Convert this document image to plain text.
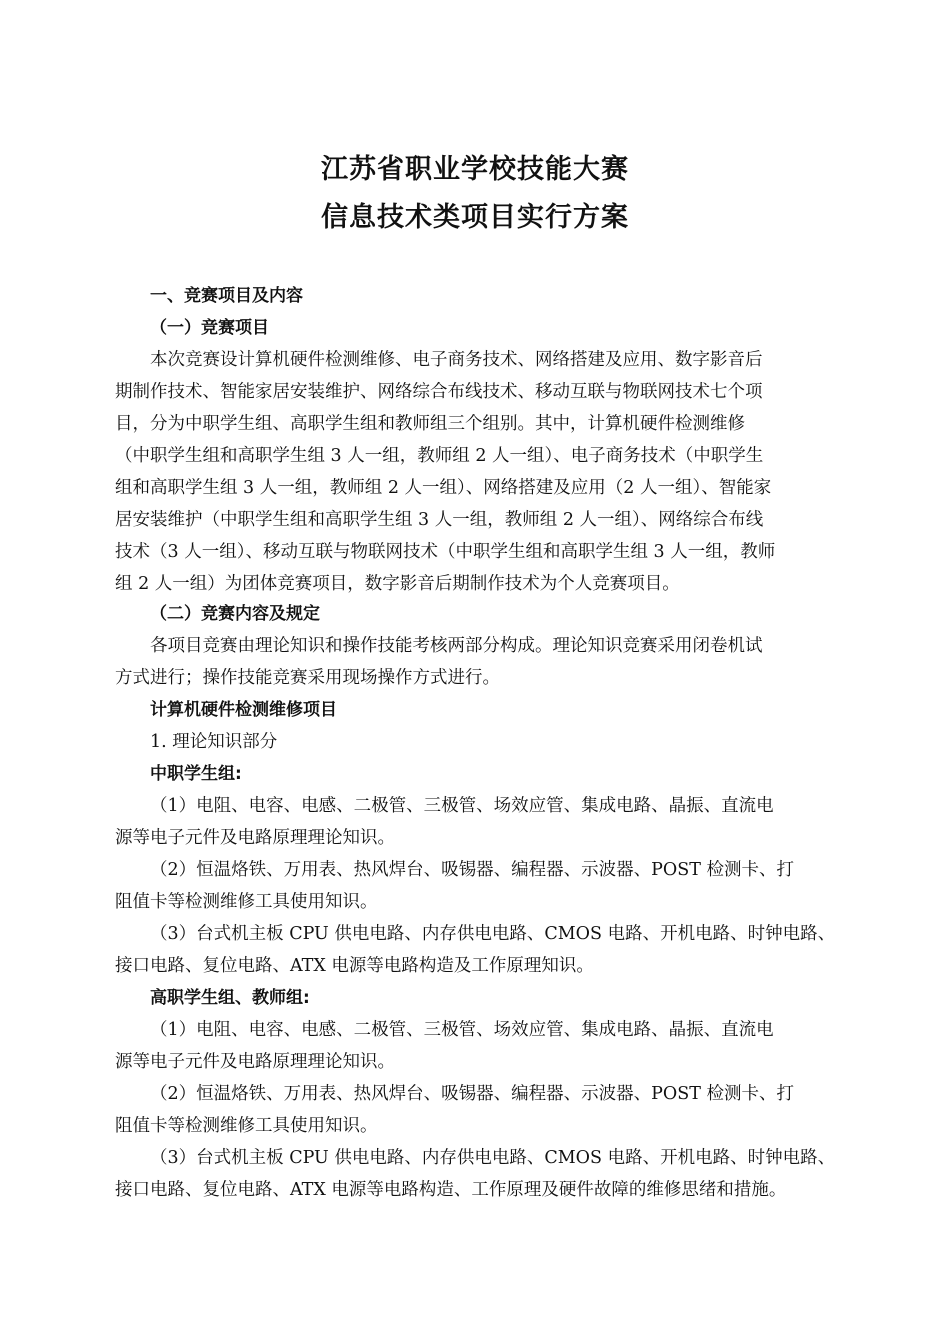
江苏省职业学校技能大赛
信息技术类项目实行方案
一、竞赛项目及内容
（一）竞赛项目
本次竞赛设计算机硬件检测维修、电子商务技术、网络搭建及应用、数字影音后
期制作技术、智能家居安装维护、网络综合布线技术、移动互联与物联网技术七个项
目，分为中职学生组、高职学生组和教师组三个组别。其中，计算机硬件检测维修
（中职学生组和高职学生组 3 人一组，教师组 2 人一组）、电子商务技术（中职学生
组和高职学生组 3 人一组，教师组 2 人一组）、网络搭建及应用（2 人一组）、智能家
居安装维护（中职学生组和高职学生组 3 人一组，教师组 2 人一组）、网络综合布线
技术（3 人一组）、移动互联与物联网技术（中职学生组和高职学生组 3 人一组，教师
组 2 人一组）为团体竞赛项目，数字影音后期制作技术为个人竞赛项目。
（二）竞赛内容及规定
各项目竞赛由理论知识和操作技能考核两部分构成。理论知识竞赛采用闭卷机试
方式进行；操作技能竞赛采用现场操作方式进行。
计算机硬件检测维修项目
1. 理论知识部分
中职学生组:
（1）电阻、电容、电感、二极管、三极管、场效应管、集成电路、晶振、直流电
源等电子元件及电路原理理论知识。
（2）恒温烙铁、万用表、热风焊台、吸锡器、编程器、示波器、POST 检测卡、打
阻值卡等检测维修工具使用知识。
（3）台式机主板 CPU 供电电路、内存供电电路、CMOS 电路、开机电路、时钟电路、
接口电路、复位电路、ATX 电源等电路构造及工作原理知识。
高职学生组、教师组:
（1）电阻、电容、电感、二极管、三极管、场效应管、集成电路、晶振、直流电
源等电子元件及电路原理理论知识。
（2）恒温烙铁、万用表、热风焊台、吸锡器、编程器、示波器、POST 检测卡、打
阻值卡等检测维修工具使用知识。
（3）台式机主板 CPU 供电电路、内存供电电路、CMOS 电路、开机电路、时钟电路、
接口电路、复位电路、ATX 电源等电路构造、工作原理及硬件故障的维修思绪和措施。
